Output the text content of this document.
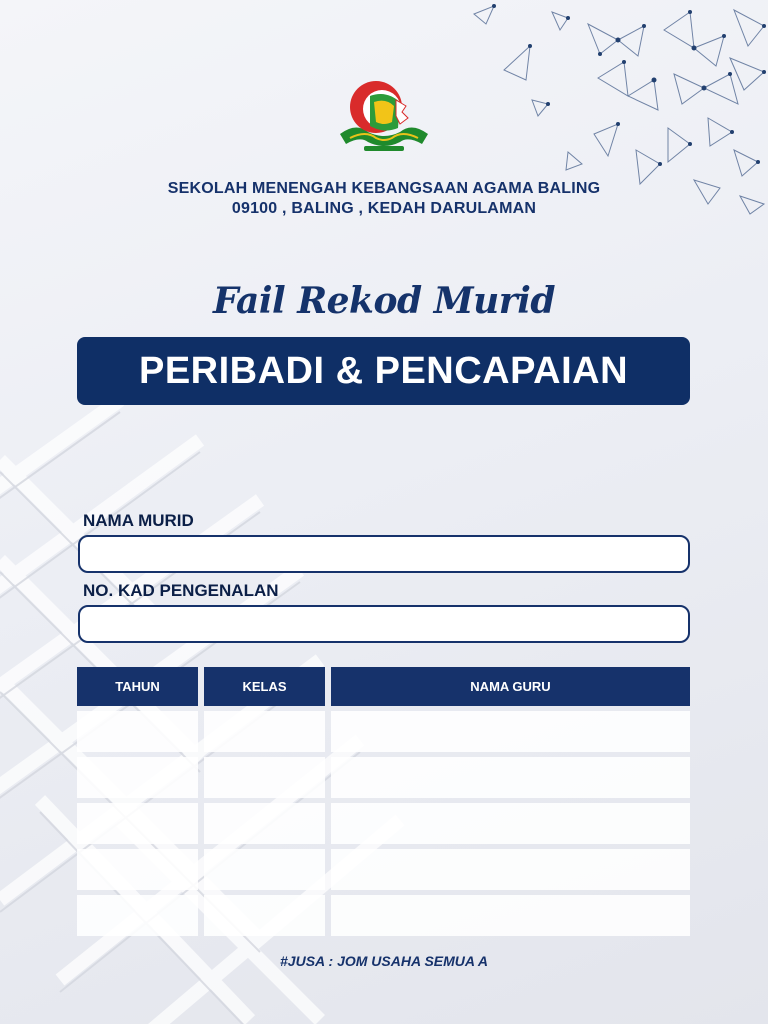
SEKOLAH MENENGAH KEBANGSAAN AGAMA BALING
09100 , BALING , KEDAH DARULAMAN
Fail Rekod Murid
PERIBADI & PENCAPAIAN
NAMA MURID
NO. KAD PENGENALAN
TAHUN	KELAS	NAMA GURU
#JUSA : JOM USAHA SEMUA A
